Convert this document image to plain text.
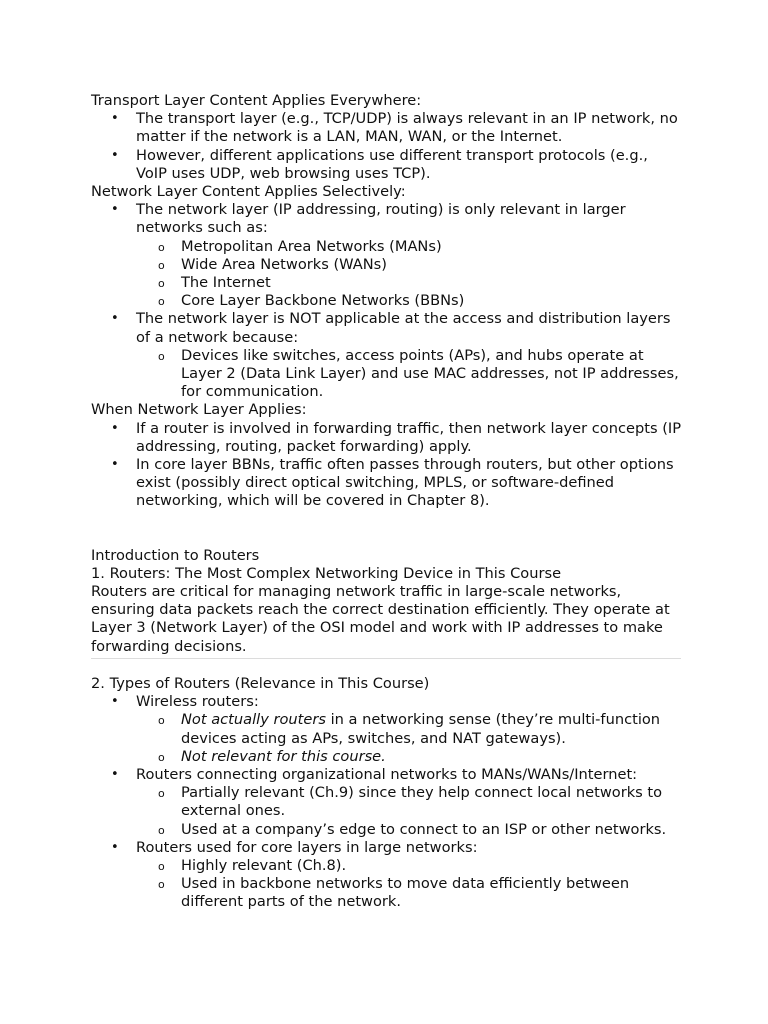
Transport Layer Content Applies Everywhere:

• The transport layer (e.g., TCP/UDP) is always relevant in an IP network, no matter if the network is a LAN, MAN, WAN, or the Internet.
• However, different applications use different transport protocols (e.g., VoIP uses UDP, web browsing uses TCP).

Network Layer Content Applies Selectively:

• The network layer (IP addressing, routing) is only relevant in larger networks such as:
o Metropolitan Area Networks (MANs)
o Wide Area Networks (WANs)
o The Internet
o Core Layer Backbone Networks (BBNs)
• The network layer is NOT applicable at the access and distribution layers of a network because:
o Devices like switches, access points (APs), and hubs operate at Layer 2 (Data Link Layer) and use MAC addresses, not IP addresses, for communication.

When Network Layer Applies:

• If a router is involved in forwarding traffic, then network layer concepts (IP addressing, routing, packet forwarding) apply.
• In core layer BBNs, traffic often passes through routers, but other options exist (possibly direct optical switching, MPLS, or software-defined networking, which will be covered in Chapter 8).

Introduction to Routers

1. Routers: The Most Complex Networking Device in This Course

Routers are critical for managing network traffic in large-scale networks, ensuring data packets reach the correct destination efficiently. They operate at Layer 3 (Network Layer) of the OSI model and work with IP addresses to make forwarding decisions.

2. Types of Routers (Relevance in This Course)

• Wireless routers:
o Not actually routers in a networking sense (they’re multi-function devices acting as APs, switches, and NAT gateways).
o Not relevant for this course.
• Routers connecting organizational networks to MANs/WANs/Internet:
o Partially relevant (Ch.9) since they help connect local networks to external ones.
o Used at a company’s edge to connect to an ISP or other networks.
• Routers used for core layers in large networks:
o Highly relevant (Ch.8).
o Used in backbone networks to move data efficiently between different parts of the network.
